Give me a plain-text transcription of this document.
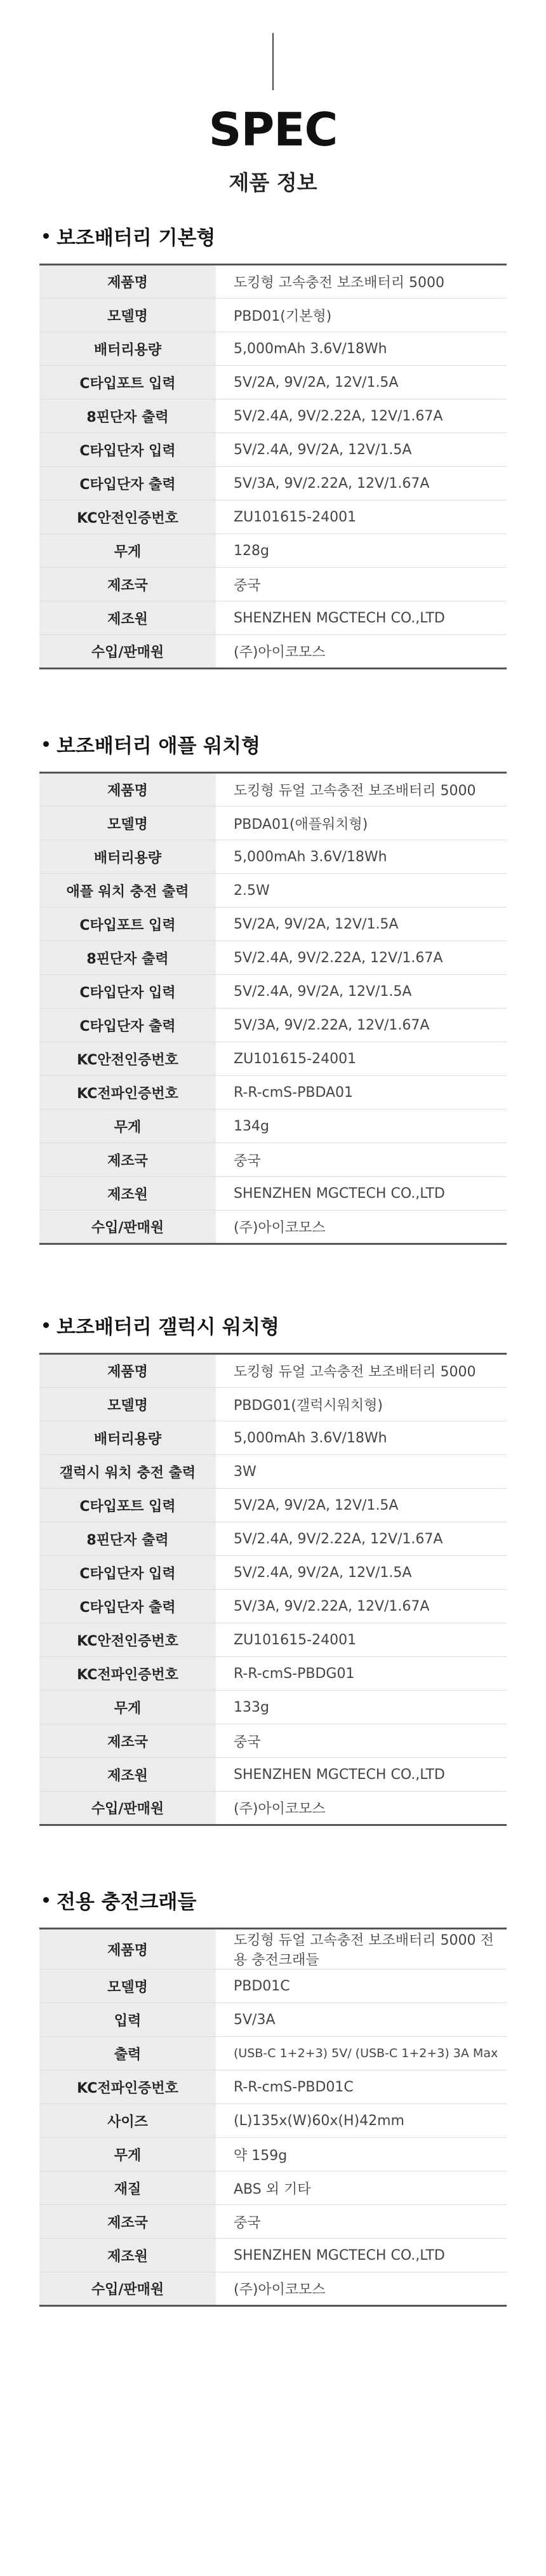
SPEC
제품 정보
보조배터리 기본형
제품명	도킹형 고속충전 보조배터리 5000
모델명	PBD01(기본형)
배터리용량	5,000mAh 3.6V/18Wh
C타입포트 입력	5V/2A, 9V/2A, 12V/1.5A
8핀단자 출력	5V/2.4A, 9V/2.22A, 12V/1.67A
C타입단자 입력	5V/2.4A, 9V/2A, 12V/1.5A
C타입단자 출력	5V/3A, 9V/2.22A, 12V/1.67A
KC안전인증번호	ZU101615-24001
무게	128g
제조국	중국
제조원	SHENZHEN MGCTECH CO.,LTD
수입/판매원	(주)아이코모스
보조배터리 애플 워치형
제품명	도킹형 듀얼 고속충전 보조배터리 5000
모델명	PBDA01(애플워치형)
배터리용량	5,000mAh 3.6V/18Wh
애플 워치 충전 출력	2.5W
C타입포트 입력	5V/2A, 9V/2A, 12V/1.5A
8핀단자 출력	5V/2.4A, 9V/2.22A, 12V/1.67A
C타입단자 입력	5V/2.4A, 9V/2A, 12V/1.5A
C타입단자 출력	5V/3A, 9V/2.22A, 12V/1.67A
KC안전인증번호	ZU101615-24001
KC전파인증번호	R-R-cmS-PBDA01
무게	134g
제조국	중국
제조원	SHENZHEN MGCTECH CO.,LTD
수입/판매원	(주)아이코모스
보조배터리 갤럭시 워치형
제품명	도킹형 듀얼 고속충전 보조배터리 5000
모델명	PBDG01(갤럭시워치형)
배터리용량	5,000mAh 3.6V/18Wh
갤럭시 워치 충전 출력	3W
C타입포트 입력	5V/2A, 9V/2A, 12V/1.5A
8핀단자 출력	5V/2.4A, 9V/2.22A, 12V/1.67A
C타입단자 입력	5V/2.4A, 9V/2A, 12V/1.5A
C타입단자 출력	5V/3A, 9V/2.22A, 12V/1.67A
KC안전인증번호	ZU101615-24001
KC전파인증번호	R-R-cmS-PBDG01
무게	133g
제조국	중국
제조원	SHENZHEN MGCTECH CO.,LTD
수입/판매원	(주)아이코모스
전용 충전크래들
제품명	도킹형 듀얼 고속충전 보조배터리 5000 전용 충전크래들
모델명	PBD01C
입력	5V/3A
출력	(USB-C 1+2+3) 5V/ (USB-C 1+2+3) 3A Max
KC전파인증번호	R-R-cmS-PBD01C
사이즈	(L)135x(W)60x(H)42mm
무게	약 159g
재질	ABS 외 기타
제조국	중국
제조원	SHENZHEN MGCTECH CO.,LTD
수입/판매원	(주)아이코모스
